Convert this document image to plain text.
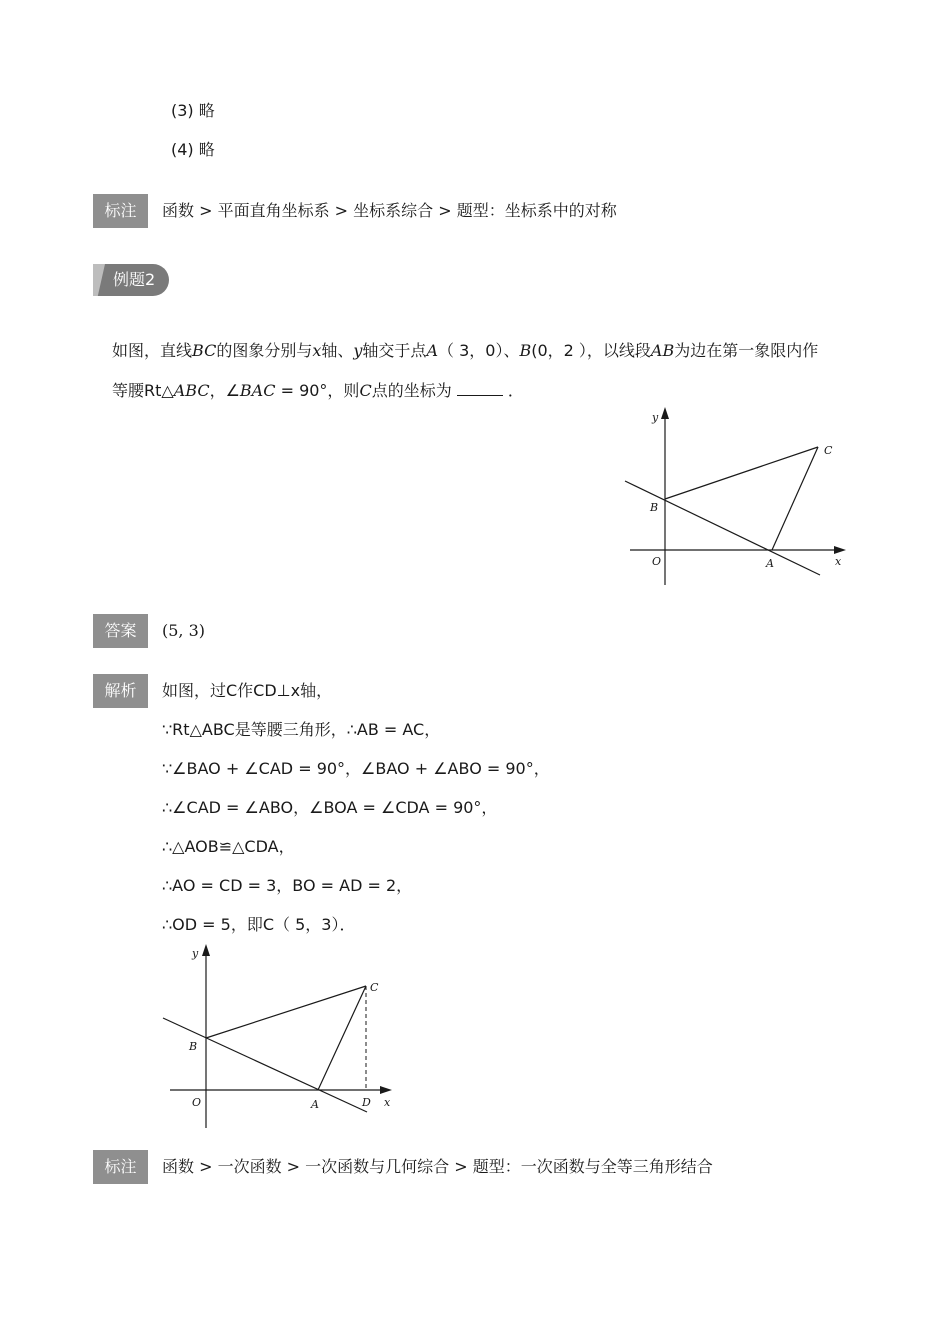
(3) 略
(4) 略
标注	函数 > 平面直角坐标系 > 坐标系综合 > 题型：坐标系中的对称
例题2
如图，直线BC的图象分别与x轴、y轴交于点A（ 3，0）、B(0，2 ），以线段AB为边在第一象限内作
等腰Rt△ABC，∠BAC = 90°，则C点的坐标为	．
y
x
O	A
B
C
答案	(5, 3)
解析	如图，过C作CD⊥x轴，
∵Rt△ABC是等腰三角形，∴AB = AC，
∵∠BAO + ∠CAD = 90°，∠BAO + ∠ABO = 90°，
∴∠CAD = ∠ABO，∠BOA = ∠CDA = 90°，
∴△AOB≌△CDA，
∴AO = CD = 3，BO = AD = 2，
∴OD = 5，即C（ 5，3）．
y
x
O	A
B
C
D
标注	函数 > 一次函数 > 一次函数与几何综合 > 题型：一次函数与全等三角形结合
